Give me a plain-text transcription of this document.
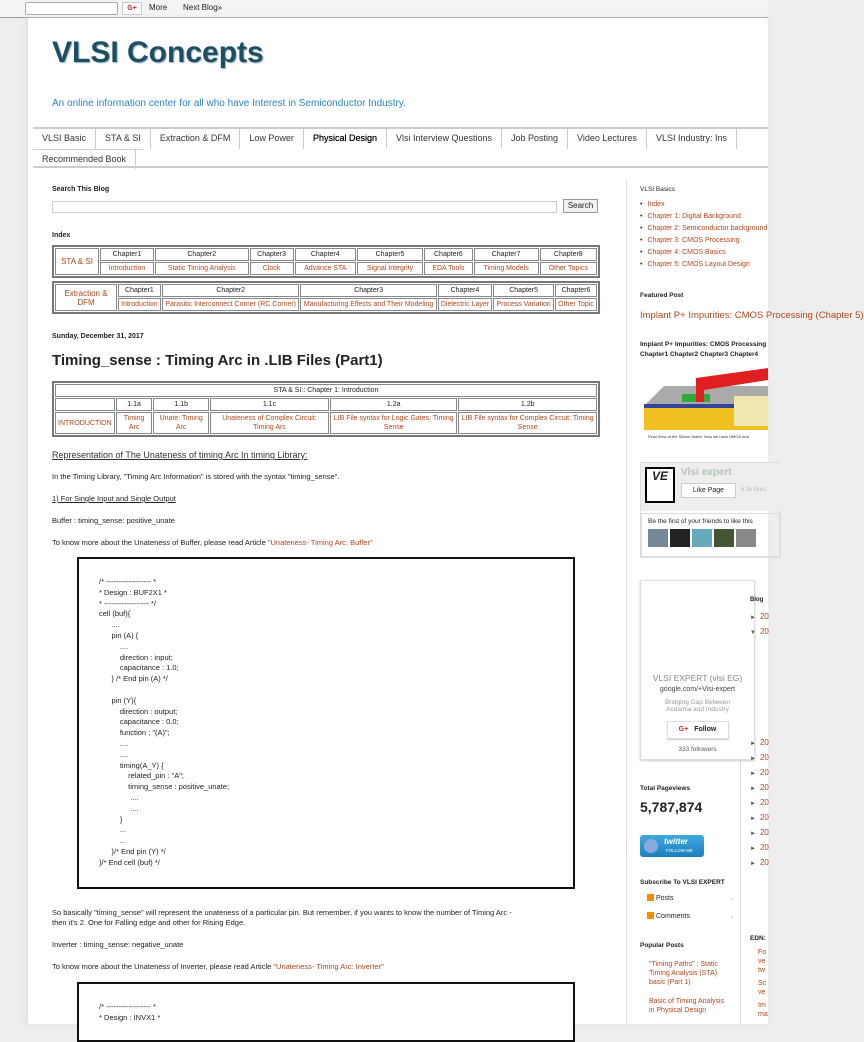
G+	More Next Blog»
VLSI Concepts
An online information center for all who have Interest in Semiconductor Industry.
VLSI Basic	STA & SI	Extraction & DFM	Low Power	Physical Design	Vlsi Interview Questions	Job Posting	Video Lectures	VLSI Industry: Ins
Recommended Book
Search This Blog
Search
Index
STA & SI	Chapter1	Chapter2	Chapter3	Chapter4	Chapter5	Chapter6	Chapter7	Chapter8
	Introduction	Static Timing Analysis	Clock	Advance STA	Signal Integrity	EDA Tools	Timing Models	Other Topics
Extraction & DFM	Chapter1	Chapter2	Chapter3	Chapter4	Chapter5	Chapter6
	Introduction	Parasitic Interconnect Corner (RC Corner)	Manufacturing Effects and Their Modeling	Dielectric Layer	Process Variation	Other Topic
Sunday, December 31, 2017
Timing_sense : Timing Arc in .LIB Files (Part1)
STA & SI:: Chapter 1: Introduction					
	1.1a	1.1b	1.1c	1.2a	1.2b
INTRODUCTION	Timing Arc	Unate: Timing Arc	Unateness of Complex Circuit: Timing Arc	LIB File syntax for Logic Gates: Timing Sense	LIB File syntax for Complex Circuit: Timing Sense
Representation of The Unateness of timing Arc In timing Library:
In the Timing Library, "Timing Arc Information" is stored with the syntax "timing_sense".
1) For Single Input and Single Output
Buffer : timing_sense: positive_unate
To know more about the Unateness of Buffer, please read Article "Unateness- Timing Arc: Buffer"
/* ------------------ *
* Design : BUF2X1 *
* ------------------ */
cell (buf){
....
pin (A) {
....
direction : input;
capacitance : 1.0;
} /* End pin (A) */
pin (Y){
direction : output;
capacitance : 0.0;
function : "(A)";
....
....
timing(A_Y) {
related_pin : "A";
timing_sense : positive_unate;
....
....
}
...
...
}/* End pin (Y) */
}/* End cell (buf) */
So basically "timing_sense" will represent the unateness of a particular pin. But remember, if you wants to know the number of Timing Arc -
then it's 2. One for Falling edge and other for Rising Edge.
Inverter : timing_sense: negative_unate
To know more about the Unateness of Inverter, please read Article "Unateness- Timing Arc: Inverter"
/* ------------------ *
* Design : INVX1 *
VLSI Basics
• Index
• Chapter 1: Digital Background
• Chapter 2: Semiconductor background
• Chapter 3: CMOS Processing
• Chapter 4: CMOS Basics
• Chapter 5: CMOS Layout Design
Featured Post
Implant P+ Impurities: CMOS Processing (Chapter 5)
Implant P+ Impurities: CMOS Processing
Chapter1 Chapter2 Chapter3 Chapter4
Final View of the Silicon Wafer. Now we have NMOS and
VE	Vlsi expert
Like Page	5.3k likes
Be the first of your friends to like this
VLSI EXPERT (vlsi EG)
google.com/+Visi-expert
Bridging Gap Between Acdamia and Industry
G+ Follow
333 followers
Total Pageviews
5,787,874
twitter
FOLLOW ME
Subscribe To VLSI EXPERT
Posts	⌄
Comments	⌄
Popular Posts
"Timing Paths" : Static Timing Analysis (STA) basic (Part 1)
Basic of Timing Analysis in Physical Design
Blog
► 20
▼ 20
► 20
► 20
► 20
► 20
► 20
► 20
► 20
► 20
► 20
EDN:
Fo ve tw
Sc ve
Im ma
